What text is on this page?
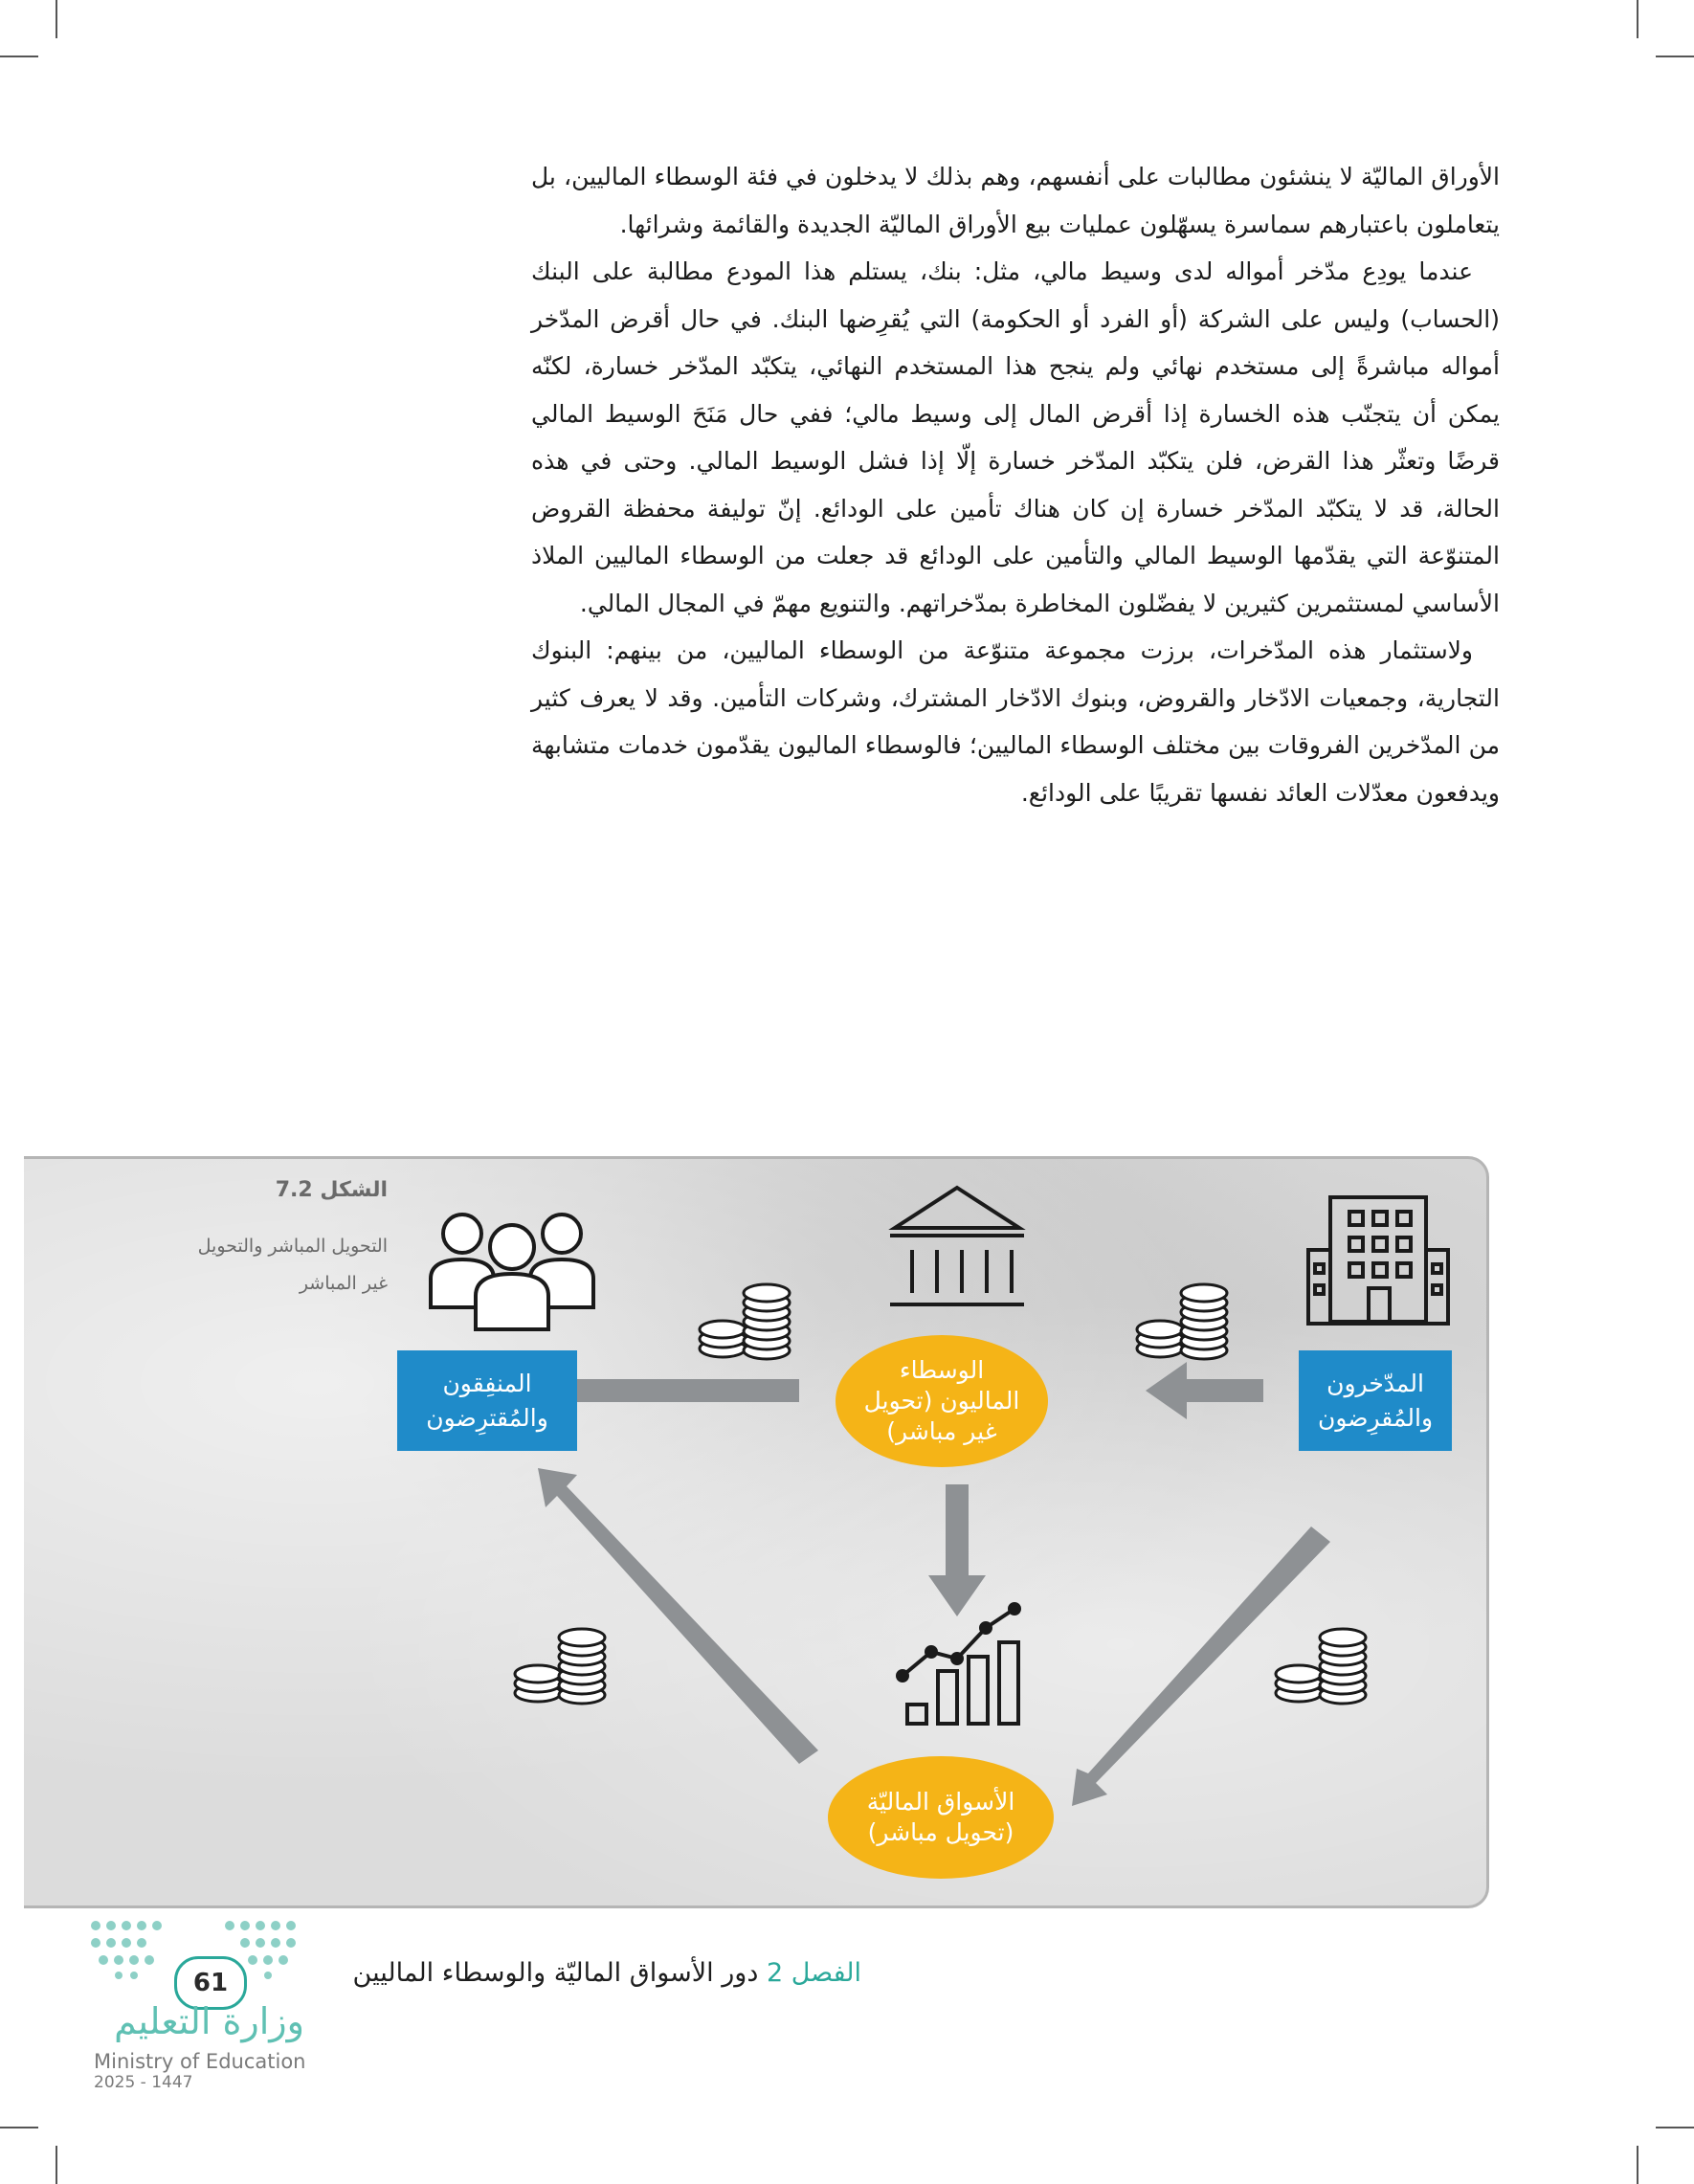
الأوراق الماليّة لا ينشئون مطالبات على أنفسهم، وهم بذلك لا يدخلون في فئة الوسطاء الماليين، بل يتعاملون باعتبارهم سماسرة يسهّلون عمليات بيع الأوراق الماليّة الجديدة والقائمة وشرائها.

عندما يودِع مدّخر أمواله لدى وسيط مالي، مثل: بنك، يستلم هذا المودع مطالبة على البنك (الحساب) وليس على الشركة (أو الفرد أو الحكومة) التي يُقرِضها البنك. في حال أقرض المدّخر أمواله مباشرةً إلى مستخدم نهائي ولم ينجح هذا المستخدم النهائي، يتكبّد المدّخر خسارة، لكنّه يمكن أن يتجنّب هذه الخسارة إذا أقرض المال إلى وسيط مالي؛ ففي حال مَنَحَ الوسيط المالي قرضًا وتعثّر هذا القرض، فلن يتكبّد المدّخر خسارة إلّا إذا فشل الوسيط المالي. وحتى في هذه الحالة، قد لا يتكبّد المدّخر خسارة إن كان هناك تأمين على الودائع. إنّ توليفة محفظة القروض المتنوّعة التي يقدّمها الوسيط المالي والتأمين على الودائع قد جعلت من الوسطاء الماليين الملاذ الأساسي لمستثمرين كثيرين لا يفضّلون المخاطرة بمدّخراتهم. والتنويع مهمّ في المجال المالي.

ولاستثمار هذه المدّخرات، برزت مجموعة متنوّعة من الوسطاء الماليين، من بينهم: البنوك التجارية، وجمعيات الادّخار والقروض، وبنوك الادّخار المشترك، وشركات التأمين. وقد لا يعرف كثير من المدّخرين الفروقات بين مختلف الوسطاء الماليين؛ فالوسطاء الماليون يقدّمون خدمات متشابهة ويدفعون معدّلات العائد نفسها تقريبًا على الودائع.

الشكل 7.2
التحويل المباشر والتحويل غير المباشر
المدّخرون
والمُقرِضون
المنفِقون
والمُقترِضون
الوسطاء
الماليون (تحويل
غير مباشر)
الأسواق الماليّة
(تحويل مباشر)
61	الفصل 2 دور الأسواق الماليّة والوسطاء الماليين
وزارة التعليم
Ministry of Education
2025 - 1447
